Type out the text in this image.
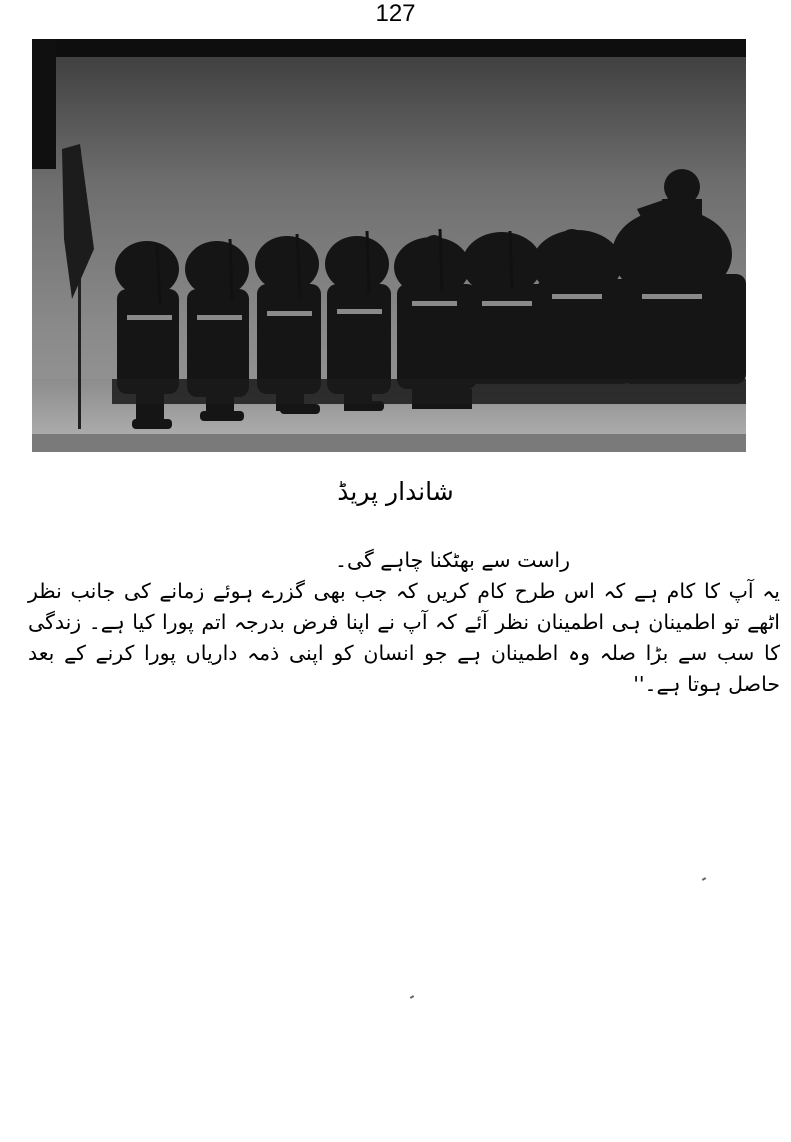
127
شاندار پریڈ

راست سے بھٹکنا چاہے گی۔

یہ آپ کا کام ہے کہ اس طرح کام کریں کہ جب بھی گزرے ہوئے زمانے کی جانب نظر اٹھے تو اطمینان ہی اطمینان نظر آئے کہ آپ نے اپنا فرض بدرجہ اتم پورا کیا ہے۔ زندگی کا سب سے بڑا صلہ وہ اطمینان ہے جو انسان کو اپنی ذمہ داریاں پورا کرنے کے بعد حاصل ہوتا ہے۔''
